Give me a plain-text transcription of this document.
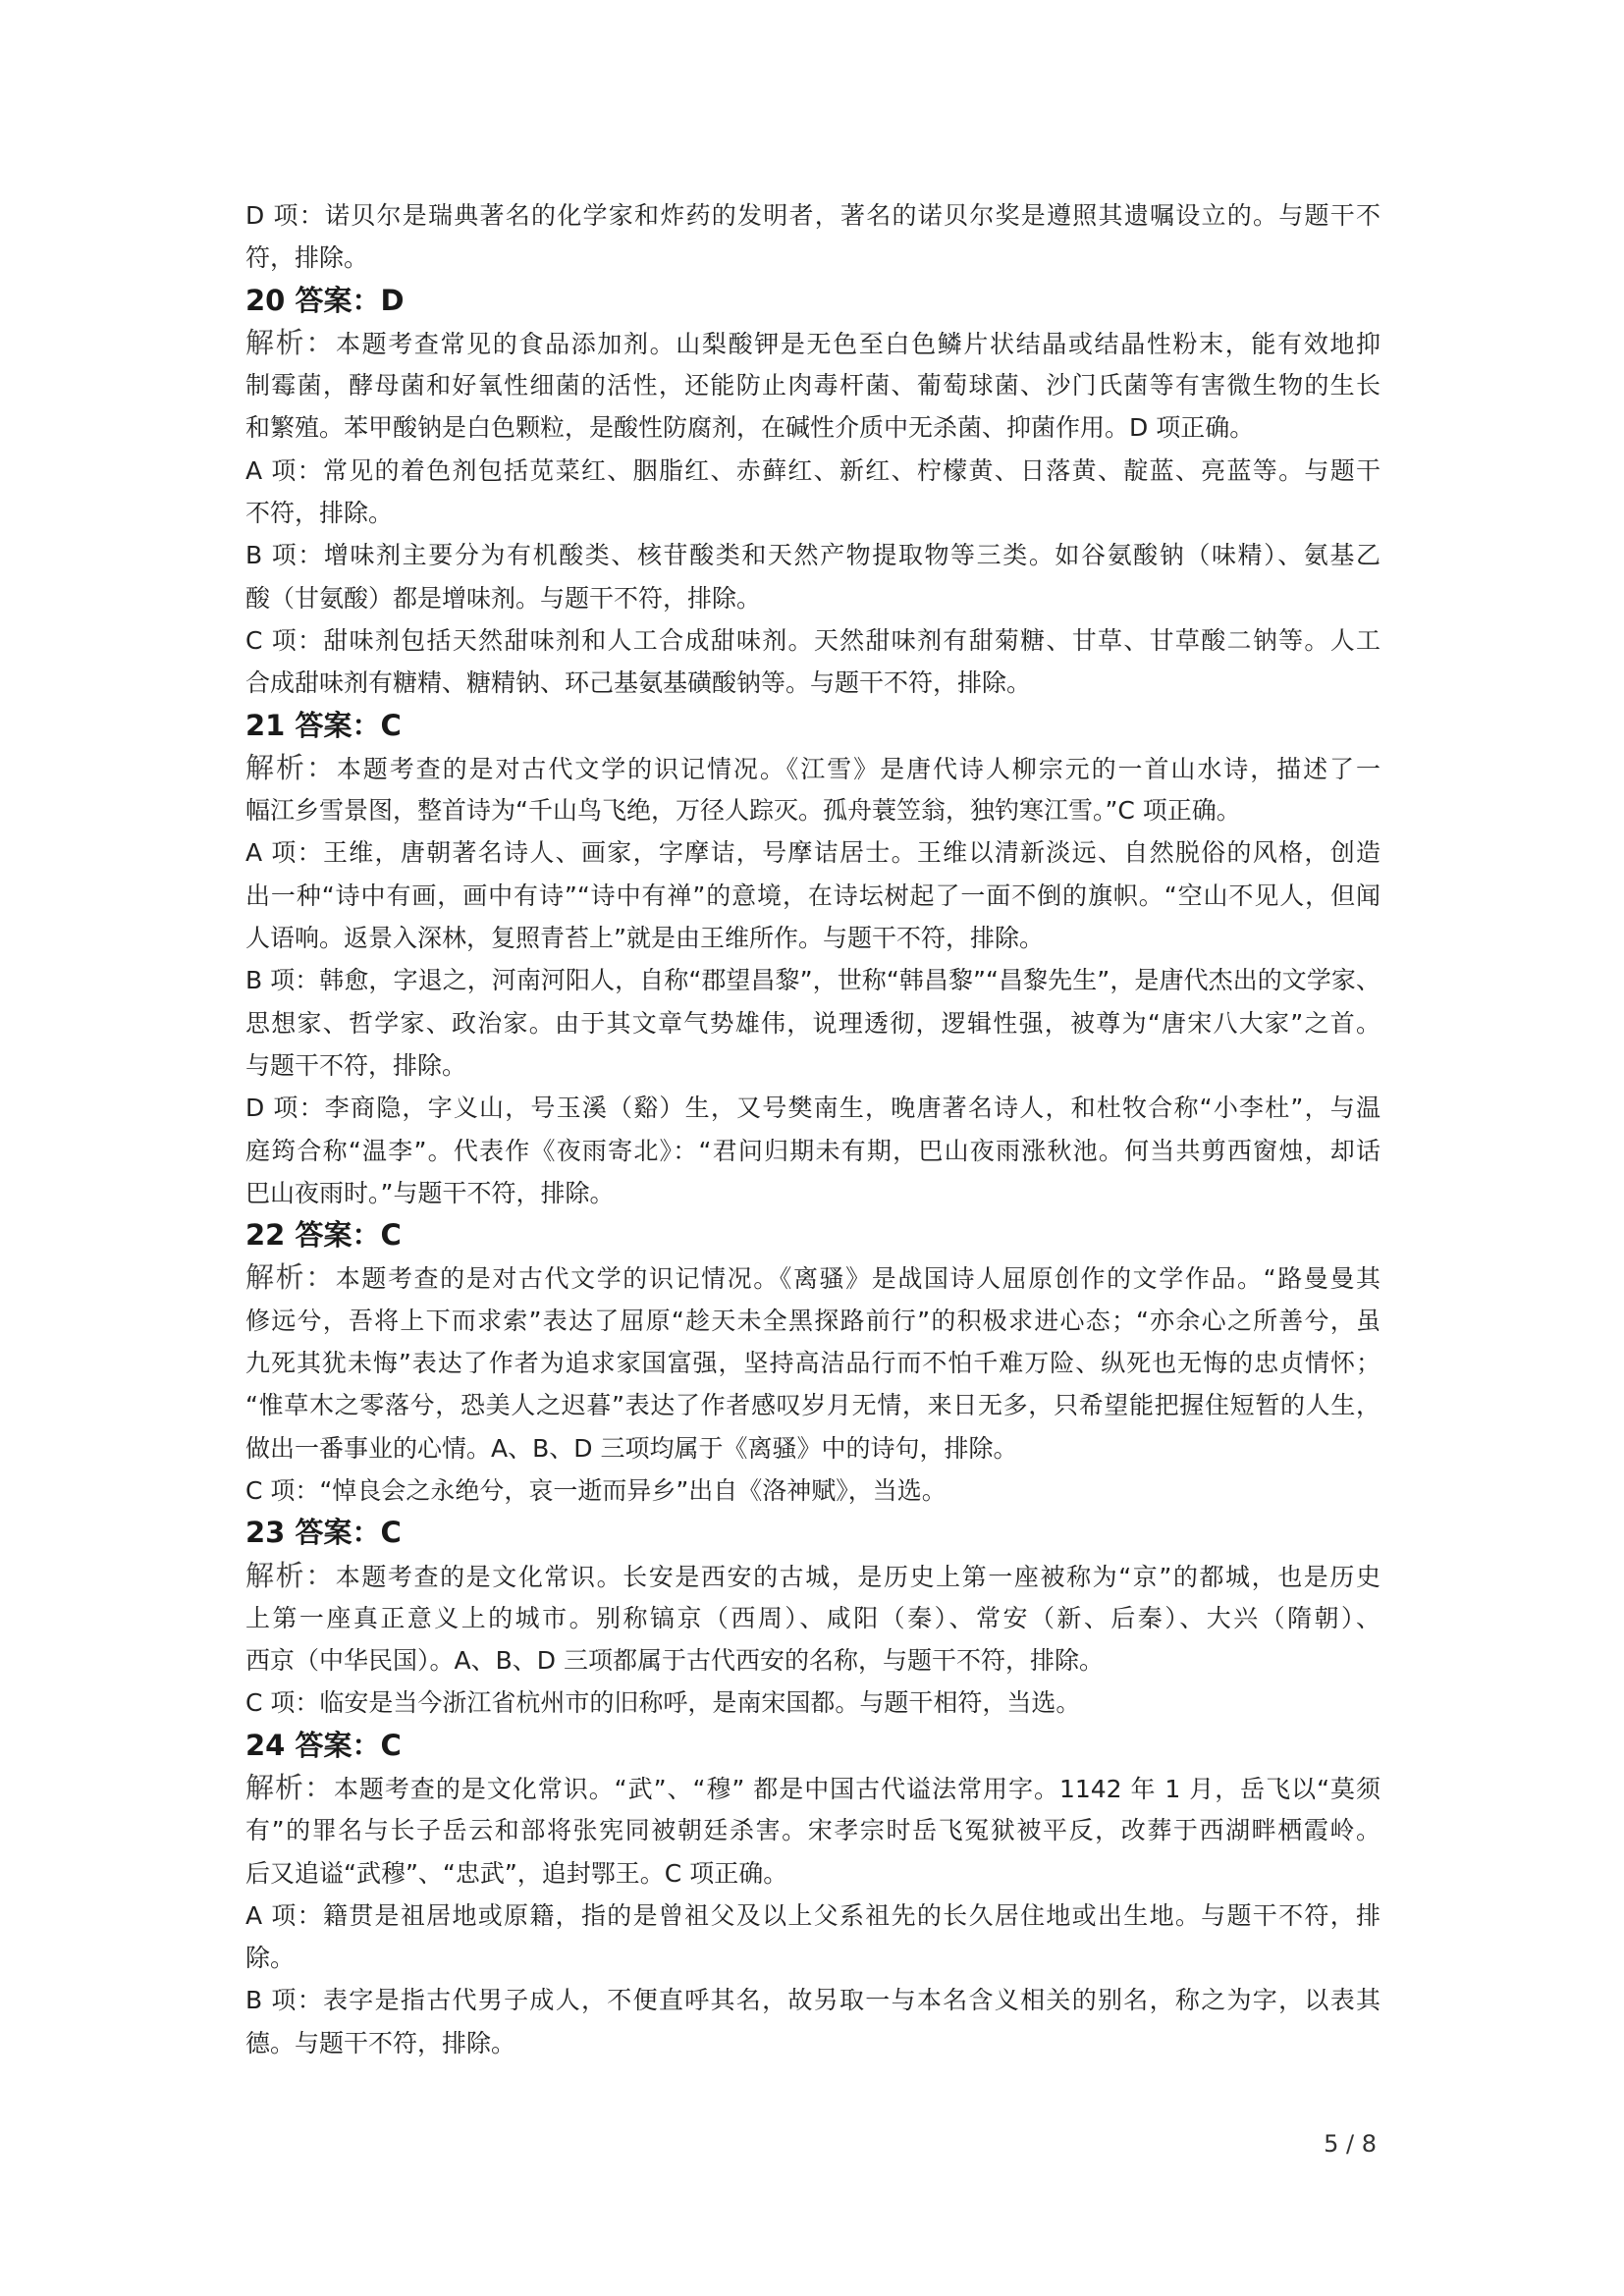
D 项：诺贝尔是瑞典著名的化学家和炸药的发明者，著名的诺贝尔奖是遵照其遗嘱设立的。与题干不
符，排除。
20 答案：D
解析：本题考查常见的食品添加剂。山梨酸钾是无色至白色鳞片状结晶或结晶性粉末，能有效地抑
制霉菌，酵母菌和好氧性细菌的活性，还能防止肉毒杆菌、葡萄球菌、沙门氏菌等有害微生物的生长
和繁殖。苯甲酸钠是白色颗粒，是酸性防腐剂，在碱性介质中无杀菌、抑菌作用。D 项正确。
A 项：常见的着色剂包括苋菜红、胭脂红、赤藓红、新红、柠檬黄、日落黄、靛蓝、亮蓝等。与题干
不符，排除。
B 项：增味剂主要分为有机酸类、核苷酸类和天然产物提取物等三类。如谷氨酸钠（味精）、氨基乙
酸（甘氨酸）都是增味剂。与题干不符，排除。
C 项：甜味剂包括天然甜味剂和人工合成甜味剂。天然甜味剂有甜菊糖、甘草、甘草酸二钠等。人工
合成甜味剂有糖精、糖精钠、环己基氨基磺酸钠等。与题干不符，排除。
21 答案：C
解析：本题考查的是对古代文学的识记情况。《江雪》是唐代诗人柳宗元的一首山水诗，描述了一
幅江乡雪景图，整首诗为“千山鸟飞绝，万径人踪灭。孤舟蓑笠翁，独钓寒江雪。”C 项正确。
A 项：王维，唐朝著名诗人、画家，字摩诘，号摩诘居士。王维以清新淡远、自然脱俗的风格，创造
出一种“诗中有画，画中有诗”“诗中有禅”的意境，在诗坛树起了一面不倒的旗帜。“空山不见人，但闻
人语响。返景入深林，复照青苔上”就是由王维所作。与题干不符，排除。
B 项：韩愈，字退之，河南河阳人，自称“郡望昌黎”，世称“韩昌黎”“昌黎先生”，是唐代杰出的文学家、
思想家、哲学家、政治家。由于其文章气势雄伟，说理透彻，逻辑性强，被尊为“唐宋八大家”之首。
与题干不符，排除。
D 项：李商隐，字义山，号玉溪（谿）生，又号樊南生，晚唐著名诗人，和杜牧合称“小李杜”，与温
庭筠合称“温李”。代表作《夜雨寄北》：“君问归期未有期，巴山夜雨涨秋池。何当共剪西窗烛，却话
巴山夜雨时。”与题干不符，排除。
22 答案：C
解析：本题考查的是对古代文学的识记情况。《离骚》是战国诗人屈原创作的文学作品。“路曼曼其
修远兮，吾将上下而求索”表达了屈原“趁天未全黑探路前行”的积极求进心态；“亦余心之所善兮，虽
九死其犹未悔”表达了作者为追求家国富强，坚持高洁品行而不怕千难万险、纵死也无悔的忠贞情怀；
“惟草木之零落兮，恐美人之迟暮”表达了作者感叹岁月无情，来日无多，只希望能把握住短暂的人生，
做出一番事业的心情。A、B、D 三项均属于《离骚》中的诗句，排除。
C 项：“悼良会之永绝兮，哀一逝而异乡”出自《洛神赋》，当选。
23 答案：C
解析：本题考查的是文化常识。长安是西安的古城，是历史上第一座被称为“京”的都城，也是历史
上第一座真正意义上的城市。别称镐京（西周）、咸阳（秦）、常安（新、后秦）、大兴（隋朝）、
西京（中华民国）。A、B、D 三项都属于古代西安的名称，与题干不符，排除。
C 项：临安是当今浙江省杭州市的旧称呼，是南宋国都。与题干相符，当选。
24 答案：C
解析：本题考查的是文化常识。“武”、“穆” 都是中国古代谥法常用字。1142 年 1 月，岳飞以“莫须
有”的罪名与长子岳云和部将张宪同被朝廷杀害。宋孝宗时岳飞冤狱被平反，改葬于西湖畔栖霞岭。
后又追谥“武穆”、“忠武”，追封鄂王。C 项正确。
A 项：籍贯是祖居地或原籍，指的是曾祖父及以上父系祖先的长久居住地或出生地。与题干不符，排
除。
B 项：表字是指古代男子成人，不便直呼其名，故另取一与本名含义相关的别名，称之为字，以表其
德。与题干不符，排除。
5 / 8
